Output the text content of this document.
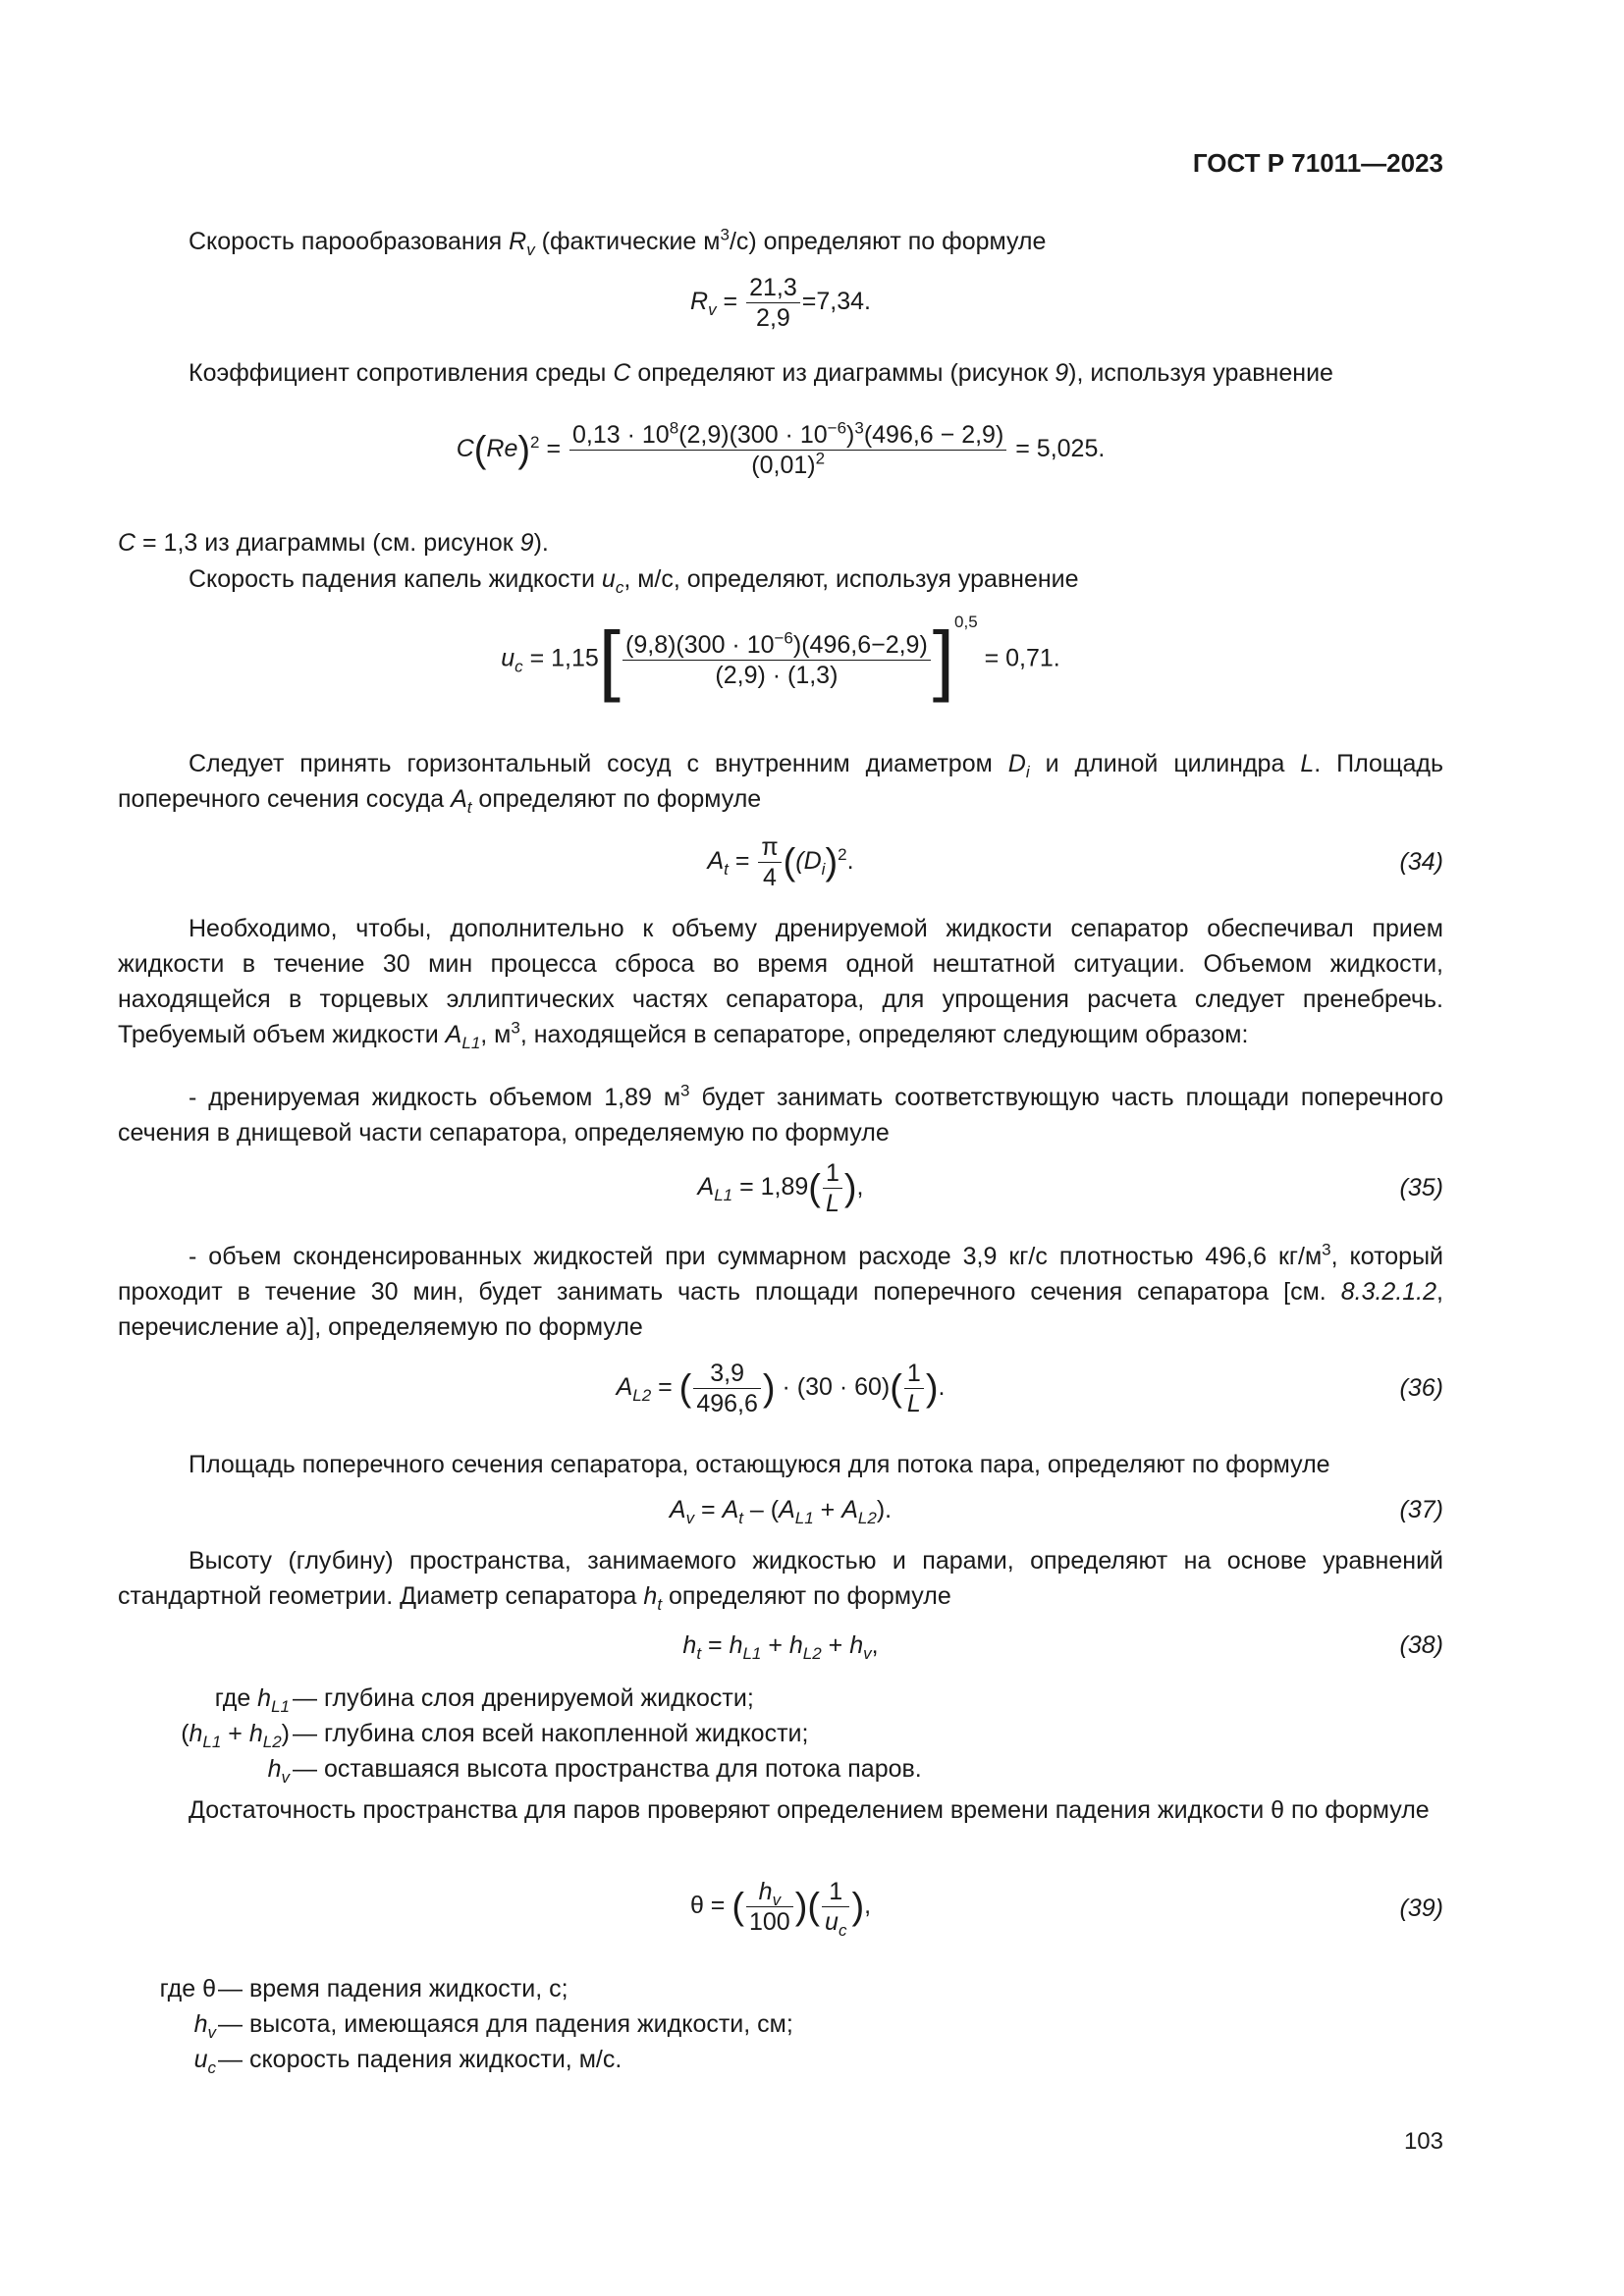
ГОСТ Р 71011—2023

Скорость парообразования $R_v$ (фактические $м^3/c$) определяют по формуле

$R_v = \frac{21,3}{2,9} =7,34$.

Коэффициент сопротивления среды C определяют из диаграммы (рисунок 9), используя уравнение

$C(Re)^2 = \frac{0,13 \cdot 10^8(2,9)(300 \cdot 10^{-6})^3(496,6 - 2,9)}{(0,01)^2} = 5,025$.

C = 1,3 из диаграммы (см. рисунок 9).

Скорость падения капель жидкости $u_c$, м/с, определяют, используя уравнение

$u_c = 1,15[ \frac{(9,8)(300 \cdot 10^{-6})(496,6-2,9)}{(2,9) \cdot (1,3)} ]^{0,5} = 0,71$.

Следует принять горизонтальный сосуд с внутренним диаметром $D_i$ и длиной цилиндра L. Площадь поперечного сечения сосуда $A_t$ определяют по формуле

$A_t = \frac{\pi}{4} ((D_i)^2$.	(34)

Необходимо, чтобы, дополнительно к объему дренируемой жидкости сепаратор обеспечивал прием жидкости в течение 30 мин процесса сброса во время одной нештатной ситуации. Объемом жидкости, находящейся в торцевых эллиптических частях сепаратора, для упрощения расчета следует пренебречь. Требуемый объем жидкости $A_{L1}$, $м^3$, находящейся в сепараторе, определяют следующим образом:

- дренируемая жидкость объемом 1,89 $м^3$ будет занимать соответствующую часть площади поперечного сечения в днищевой части сепаратора, определяемую по формуле

$A_{L1} = 1,89( \frac{1}{L}$ ),	(35)

- объем сконденсированных жидкостей при суммарном расходе 3,9 кг/с плотностью 496,6 $кг/м^3$, который проходит в течение 30 мин, будет занимать часть площади поперечного сечения сепаратора [см. 8.3.2.1.2, перечисление а)], определяемую по формуле

$A_{L2}$ = ( $\frac{3,9}{496,6}$ ) · $(30 \cdot 60)( \frac{1}{L}$ ).	(36)

Площадь поперечного сечения сепаратора, остающуюся для потока пара, определяют по формуле

$A_v = A_t - (A_{L1} + A_{L2})$.	(37)

Высоту (глубину) пространства, занимаемого жидкостью и парами, определяют на основе уравнений стандартной геометрии. Диаметр сепаратора $h_t$ определяют по формуле

$h_t = h_{L1} + h_{L2} + h_v$,	(38)
где $h_{L1}$ — глубина слоя дренируемой жидкости;
$(h_{L1} + h_{L2})$ — глубина слоя всей накопленной жидкости;
$h_v$ — оставшаяся высота пространства для потока паров.

Достаточность пространства для паров проверяют определением времени падения жидкости θ по формуле

θ = ( $\frac{h_v}{100}$ )( $\frac{1}{u_c}$ ),	(39)
где θ — время падения жидкости, с;
$h_v$ — высота, имеющаяся для падения жидкости, см;
$u_c$ — скорость падения жидкости, м/с.
103
